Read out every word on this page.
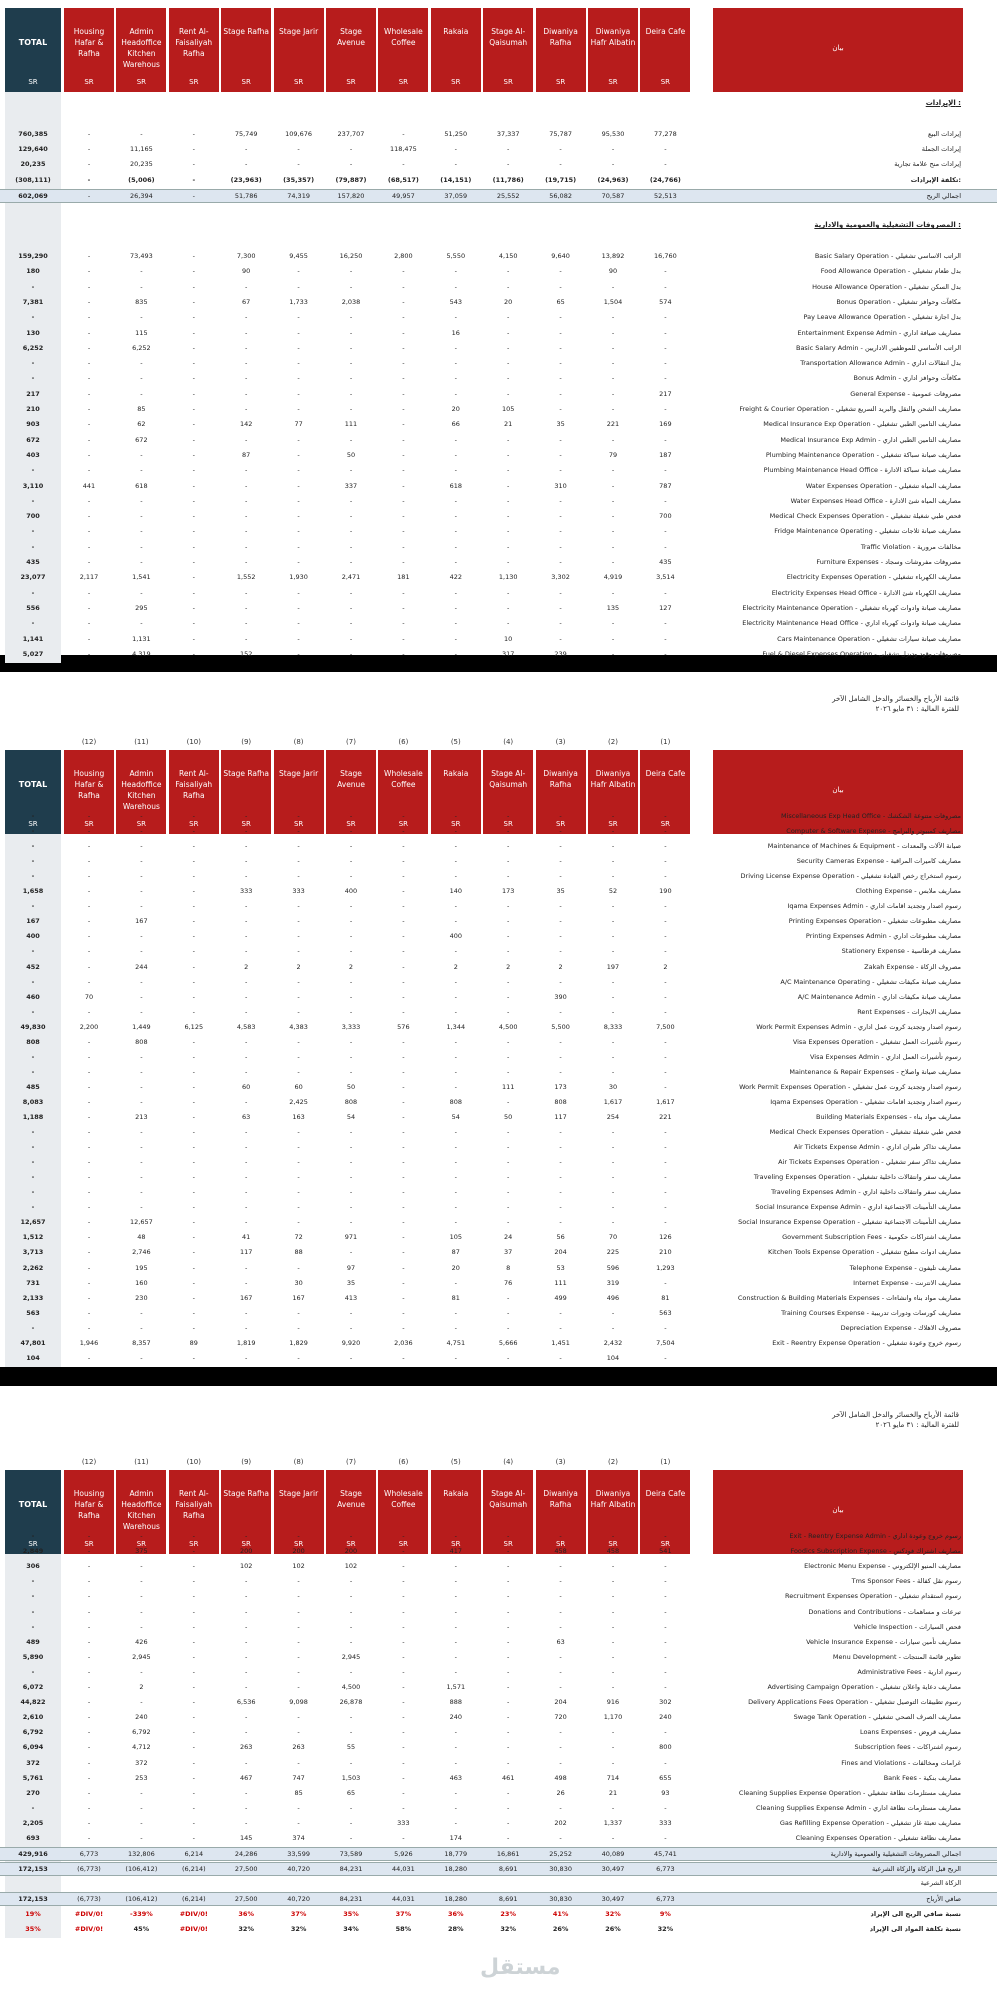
TOTAL
SR
Housing Hafar & Rafha
SR
Admin Headoffice Kitchen Warehous
SR
Rent Al-Faisaliyah Rafha
SR
Stage Rafha
SR
Stage Jarir
SR
Stage Avenue
SR
Wholesale Coffee
SR
Rakaia
SR
Stage Al-Qaisumah
SR
Diwaniya Rafha
SR
Diwaniya Hafr Albatin
SR
Deira Cafe
SR
بيان
الإيرادات :
760,385	-	-	-	75,749	109,676	237,707	-	51,250	37,337	75,787	95,530	77,278	إيرادات البيع
129,640	-	11,165	-	-	-	-	118,475	-	-	-	-	-	إيرادات الجملة
20,235	-	20,235	-	-	-	-	-	-	-	-	-	-	إيرادات منح علامة تجارية
(308,111)	-	(5,006)	-	(23,963)	(35,357)	(79,887)	(68,517)	(14,151)	(11,786)	(19,715)	(24,963)	(24,766)	تكلفة الإيرادات:
602,069	-	26,394	-	51,786	74,319	157,820	49,957	37,059	25,552	56,082	70,587	52,513	اجمالي الربح
المصروفات التشغيلية والعمومية والادارية :
159,290	-	73,493	-	7,300	9,455	16,250	2,800	5,550	4,150	9,640	13,892	16,760	Basic Salary Operation - الراتب الاساسي تشغيلي
180	-	-	-	90	-	-	-	-	-	-	90	-	Food Allowance Operation - بدل طعام تشغيلي
-	-	-	-	-	-	-	-	-	-	-	-	-	House Allowance Operation - بدل السكن تشغيلي
7,381	-	835	-	67	1,733	2,038	-	543	20	65	1,504	574	Bonus Operation - مكافآت وحوافز تشغيلي
-	-	-	-	-	-	-	-	-	-	-	-	-	Pay Leave Allowance Operation - بدل اجازة تشغيلي
130	-	115	-	-	-	-	-	16	-	-	-	-	Entertainment Expense Admin - مصاريف ضيافة اداري
6,252	-	6,252	-	-	-	-	-	-	-	-	-	-	Basic Salary Admin - الراتب الأساسي للموظفين الاداريين
-	-	-	-	-	-	-	-	-	-	-	-	-	Transportation Allowance Admin - بدل انتقالات اداري
-	-	-	-	-	-	-	-	-	-	-	-	-	Bonus Admin - مكافآت وحوافز اداري
217	-	-	-	-	-	-	-	-	-	-	-	217	General Expense - مصروفات عمومية
210	-	85	-	-	-	-	-	20	105	-	-	-	Freight & Courier Operation - مصاريف الشحن والنقل والبريد السريع تشغيلي
903	-	62	-	142	77	111	-	66	21	35	221	169	Medical Insurance Exp Operation - مصاريف التامين الطبي تشغيلي
672	-	672	-	-	-	-	-	-	-	-	-	-	Medical Insurance Exp Admin - مصاريف التامين الطبي اداري
403	-	-	-	87	-	50	-	-	-	-	79	187	Plumbing Maintenance Operation - مصاريف صيانة سباكة تشغيلي
-	-	-	-	-	-	-	-	-	-	-	-	-	Plumbing Maintenance Head Office - مصاريف صيانة سباكة الادارة
3,110	441	618	-	-	-	337	-	618	-	310	-	787	Water Expenses Operation - مصاريف المياه تشغيلي
-	-	-	-	-	-	-	-	-	-	-	-	-	Water Expenses Head Office - مصاريف المياه شئ الادارة
700	-	-	-	-	-	-	-	-	-	-	-	700	Medical Check Expenses Operation - فحص طبي شغيلة تشغيلي
-	-	-	-	-	-	-	-	-	-	-	-	-	Fridge Maintenance Operating - مصاريف صيانة ثلاجات تشغيلي
-	-	-	-	-	-	-	-	-	-	-	-	-	Traffic Violation - مخالفات مرورية
435	-	-	-	-	-	-	-	-	-	-	-	435	Furniture Expenses - مصروفات مفروشات وسجاد
23,077	2,117	1,541	-	1,552	1,930	2,471	181	422	1,130	3,302	4,919	3,514	Electricity Expenses Operation - مصاريف الكهرباء تشغيلي
-	-	-	-	-	-	-	-	-	-	-	-	-	Electricity Expenses Head Office - مصاريف الكهرباء شئ الادارة
556	-	295	-	-	-	-	-	-	-	-	135	127	Electricity Maintenance Operation - مصاريف صيانة وادوات كهرباء تشغيلي
-	-	-	-	-	-	-	-	-	-	-	-	-	Electricity Maintenance Head Office - مصاريف صيانة وادوات كهرباء اداري
1,141	-	1,131	-	-	-	-	-	-	10	-	-	-	Cars Maintenance Operation - مصاريف صيانة سيارات تشغيلي
5,027	-	4,319	-	152	-	-	-	-	317	239	-	-	Fuel & Diesel Expenses Operation - مصروفات وقود وديزل تشغيلي
قائمة الأرباح والخسائر والدخل الشامل الآخر
للفترة المالية : ٣١ مايو ٢٠٢٦
(12)	(11)	(10)	(9)	(8)	(7)	(6)	(5)	(4)	(3)	(2)	(1)
TOTAL
SR
Housing Hafar & Rafha
SR
Admin Headoffice Kitchen Warehous
SR
Rent Al-Faisaliyah Rafha
SR
Stage Rafha
SR
Stage Jarir
SR
Stage Avenue
SR
Wholesale Coffee
SR
Rakaia
SR
Stage Al-Qaisumah
SR
Diwaniya Rafha
SR
Diwaniya Hafr Albatin
SR
Deira Cafe
SR
بيان
-	-	-	-	-	-	-	-	-	-	-	-	-	Miscellaneous Exp Head Office - مصروفات متنوعة الشكشك
-	-	-	-	-	-	-	-	-	-	-	-	-	Computer & Software Expense - مصاريف كمبيوتر والبرامج
-	-	-	-	-	-	-	-	-	-	-	-	-	Maintenance of Machines & Equipment - صيانة الآلات والمعدات
-	-	-	-	-	-	-	-	-	-	-	-	-	Security Cameras Expense - مصاريف كاميرات المراقبة
-	-	-	-	-	-	-	-	-	-	-	-	-	Driving License Expense Operation - رسوم استخراج رخص القيادة تشغيلي
1,658	-	-	-	333	333	400	-	140	173	35	52	190	Clothing Expense - مصاريف ملابس
-	-	-	-	-	-	-	-	-	-	-	-	-	Iqama Expenses Admin - رسوم اصدار وتجديد اقامات اداري
167	-	167	-	-	-	-	-	-	-	-	-	-	Printing Expenses Operation - مصاريف مطبوعات تشغيلي
400	-	-	-	-	-	-	-	400	-	-	-	-	Printing Expenses Admin - مصاريف مطبوعات اداري
-	-	-	-	-	-	-	-	-	-	-	-	-	Stationery Expense - مصاريف قرطاسية
452	-	244	-	2	2	2	-	2	2	2	197	2	Zakah Expense - مصروف الزكاة
-	-	-	-	-	-	-	-	-	-	-	-	-	A/C Maintenance Operating - مصاريف صيانة مكيفات تشغيلي
460	70	-	-	-	-	-	-	-	-	390	-	-	A/C Maintenance Admin - مصاريف صيانة مكيفات اداري
-	-	-	-	-	-	-	-	-	-	-	-	-	Rent Expenses - مصاريف الايجارات
49,830	2,200	1,449	6,125	4,583	4,383	3,333	576	1,344	4,500	5,500	8,333	7,500	Work Permit Expenses Admin - رسوم اصدار وتجديد كروت عمل اداري
808	-	808	-	-	-	-	-	-	-	-	-	-	Visa Expenses Operation - رسوم تأشيرات العمل تشغيلي
-	-	-	-	-	-	-	-	-	-	-	-	-	Visa Expenses Admin - رسوم تأشيرات العمل اداري
-	-	-	-	-	-	-	-	-	-	-	-	-	Maintenance & Repair Expenses - مصاريف صيانة واصلاح
485	-	-	-	60	60	50	-	-	111	173	30	-	Work Permit Expenses Operation - رسوم اصدار وتجديد كروت عمل تشغيلي
8,083	-	-	-	-	2,425	808	-	808	-	808	1,617	1,617	Iqama Expenses Operation - رسوم اصدار وتجديد اقامات تشغيلي
1,188	-	213	-	63	163	54	-	54	50	117	254	221	Building Materials Expenses - مصاريف مواد بناء
-	-	-	-	-	-	-	-	-	-	-	-	-	Medical Check Expenses Operation - فحص طبي شغيلة تشغيلي
-	-	-	-	-	-	-	-	-	-	-	-	-	Air Tickets Expense Admin - مصاريف تذاكر طيران اداري
-	-	-	-	-	-	-	-	-	-	-	-	-	Air Tickets Expenses Operation - مصاريف تذاكر سفر تشغيلي
-	-	-	-	-	-	-	-	-	-	-	-	-	Traveling Expenses Operation - مصاريف سفر وانتقالات داخلية تشغيلي
-	-	-	-	-	-	-	-	-	-	-	-	-	Traveling Expenses Admin - مصاريف سفر وانتقالات داخلية اداري
-	-	-	-	-	-	-	-	-	-	-	-	-	Social Insurance Expense Admin - مصاريف التأمينات الاجتماعية اداري
12,657	-	12,657	-	-	-	-	-	-	-	-	-	-	Social Insurance Expense Operation - مصاريف التأمينات الاجتماعية تشغيلي
1,512	-	48	-	41	72	971	-	105	24	56	70	126	Government Subscription Fees - مصاريف اشتراكات حكومية
3,713	-	2,746	-	117	88	-	-	87	37	204	225	210	Kitchen Tools Expense Operation - مصاريف ادوات مطبخ تشغيلي
2,262	-	195	-	-	-	97	-	20	8	53	596	1,293	Telephone Expense - مصاريف تليفون
731	-	160	-	-	30	35	-	-	76	111	319	-	Internet Expense - مصاريف الانترنت
2,133	-	230	-	167	167	413	-	81	-	499	496	81	Construction & Building Materials Expenses - مصاريف مواد بناء وانشاءات
563	-	-	-	-	-	-	-	-	-	-	-	563	Training Courses Expense - مصاريف كورسات ودورات تدريبية
-	-	-	-	-	-	-	-	-	-	-	-	-	Depreciation Expense - مصروف الاهلاك
47,801	1,946	8,357	89	1,819	1,829	9,920	2,036	4,751	5,666	1,451	2,432	7,504	Exit - Reentry Expense Operation - رسوم خروج وعودة تشغيلي
104	-	-	-	-	-	-	-	-	-	-	104	-
قائمة الأرباح والخسائر والدخل الشامل الآخر
للفترة المالية : ٣١ مايو ٢٠٢٦
(12)	(11)	(10)	(9)	(8)	(7)	(6)	(5)	(4)	(3)	(2)	(1)
TOTAL
SR
Housing Hafar & Rafha
SR
Admin Headoffice Kitchen Warehous
SR
Rent Al-Faisaliyah Rafha
SR
Stage Rafha
SR
Stage Jarir
SR
Stage Avenue
SR
Wholesale Coffee
SR
Rakaia
SR
Stage Al-Qaisumah
SR
Diwaniya Rafha
SR
Diwaniya Hafr Albatin
SR
Deira Cafe
SR
بيان
-	-	-	-	-	-	-	-	-	-	-	-	-	Exit - Reentry Expense Admin - رسوم خروج وعودة اداري
2,849	-	375	-	200	200	200	-	417	-	458	458	541	Foodics Subscription Expense - مصاريف اشتراك فودكس
306	-	-	-	102	102	102	-	-	-	-	-	-	Electronic Menu Expense - مصاريف المنيو الإلكتروني
-	-	-	-	-	-	-	-	-	-	-	-	-	Tms Sponsor Fees - رسوم نقل كفالة
-	-	-	-	-	-	-	-	-	-	-	-	-	Recruitment Expenses Operation - رسوم استقدام تشغيلي
-	-	-	-	-	-	-	-	-	-	-	-	-	Donations and Contributions - تبرعات و مساهمات
-	-	-	-	-	-	-	-	-	-	-	-	-	Vehicle Inspection - فحص السيارات
489	-	426	-	-	-	-	-	-	-	63	-	-	Vehicle Insurance Expense - مصاريف تأمين سيارات
5,890	-	2,945	-	-	-	2,945	-	-	-	-	-	-	Menu Development - تطوير قائمة المنتجات
-	-	-	-	-	-	-	-	-	-	-	-	-	Administrative Fees - رسوم ادارية
6,072	-	2	-	-	-	4,500	-	1,571	-	-	-	-	Advertising Campaign Operation - مصاريف دعاية واعلان تشغيلي
44,822	-	-	-	6,536	9,098	26,878	-	888	-	204	916	302	Delivery Applications Fees Operation - رسوم تطبيقات التوصيل تشغيلي
2,610	-	240	-	-	-	-	-	240	-	720	1,170	240	Swage Tank Operation - مصاريف الصرف الصحي تشغيلي
6,792	-	6,792	-	-	-	-	-	-	-	-	-	-	Loans Expenses - مصاريف قروض
6,094	-	4,712	-	263	263	55	-	-	-	-	-	800	Subscription fees - رسوم اشتراكات
372	-	372	-	-	-	-	-	-	-	-	-	-	Fines and Violations - غرامات ومخالفات
5,761	-	253	-	467	747	1,503	-	463	461	498	714	655	Bank Fees - مصاريف بنكية
270	-	-	-	-	85	65	-	-	-	26	21	93	Cleaning Supplies Expense Operation - مصاريف مستلزمات نظافة تشغيلي
-	-	-	-	-	-	-	-	-	-	-	-	-	Cleaning Supplies Expense Admin - مصاريف مستلزمات نظافة اداري
2,205	-	-	-	-	-	-	333	-	-	202	1,337	333	Gas Refilling Expense Operation - مصاريف تعبئة غاز تشغيلي
693	-	-	-	145	374	-	-	174	-	-	-	-	Cleaning Expenses Operation - مصاريف نظافة تشغيلي
429,916	6,773	132,806	6,214	24,286	33,599	73,589	5,926	18,779	16,861	25,252	40,089	45,741	اجمالي المصروفات التشغيلية والعمومية والادارية
172,153	(6,773)	(106,412)	(6,214)	27,500	40,720	84,231	44,031	18,280	8,691	30,830	30,497	6,773	الربح قبل الزكاة والزكاة الشرعية
الزكاة الشرعية
172,153	(6,773)	(106,412)	(6,214)	27,500	40,720	84,231	44,031	18,280	8,691	30,830	30,497	6,773	صافي الأرباح
19%	#DIV/0!	-339%	#DIV/0!	36%	37%	35%	37%	36%	23%	41%	32%	9%	نسبة صافي الربح الى الإيراد
35%	#DIV/0!	45%	#DIV/0!	32%	32%	34%	58%	28%	32%	26%	26%	32%	نسبة تكلفة المواد الى الإيراد
مستقل
